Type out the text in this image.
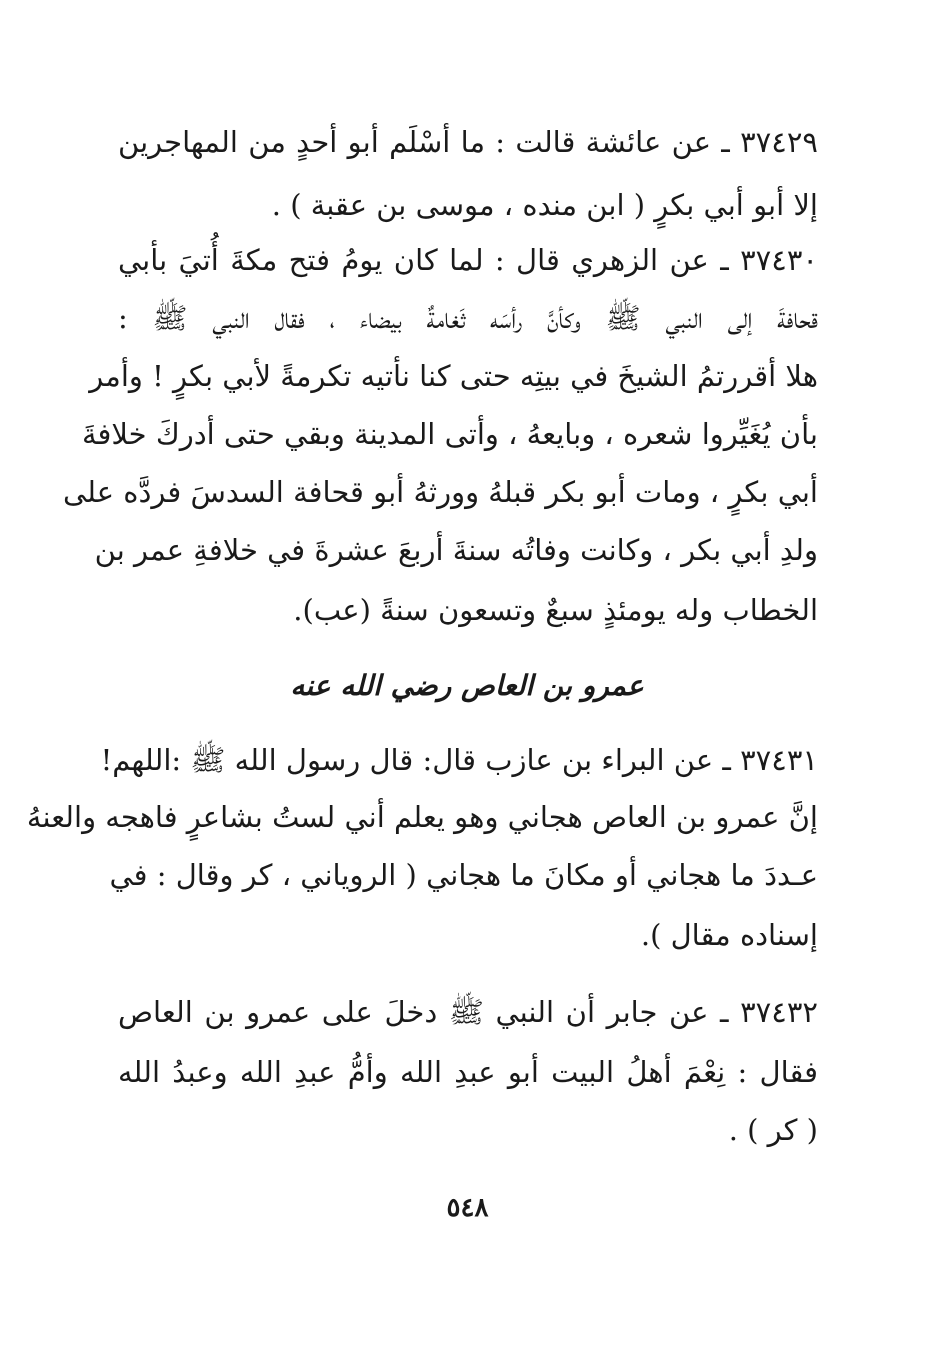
٣٧٤٢٩ ـ عن عائشة قالت : ما أسْلَم أبو أحدٍ من المهاجرين
إلا أبو أبي بكرٍ ( ابن منده ، موسى بن عقبة ) .
٣٧٤٣٠ ـ عن الزهري قال : لما كان يومُ فتح مكةَ أُتيَ بأبي
قحافةَ إلى النبي ﷺ وكأنَّ رأسَه ثَغامةٌ بيضاء ، فقال النبي ﷺ :
هلا أقررتمُ الشيخَ في بيتِه حتى كنا نأتيه تكرمةً لأبي بكرٍ ! وأمر
بأن يُغَيِّروا شعره ، وبايعهُ ، وأتى المدينة وبقي حتى أدركَ خلافةَ
أبي بكرٍ ، ومات أبو بكر قبلهُ وورثهُ أبو قحافة السدسَ فردَّه على
ولدِ أبي بكر ، وكانت وفاتُه سنةَ أربعَ عشرةَ في خلافةِ عمر بن
الخطاب وله يومئذٍ سبعٌ وتسعون سنةً (عب).
عمرو بن العاص رضي الله عنه
٣٧٤٣١ ـ عن البراء بن عازب قال: قال رسول الله ﷺ :اللهم!
إنَّ عمرو بن العاص هجاني وهو يعلم أني لستُ بشاعرٍ فاهجه والعنهُ
عـددَ ما هجاني أو مكانَ ما هجاني ( الروياني ، كر وقال : في
إسناده مقال ).
٣٧٤٣٢ ـ عن جابر أن النبي ﷺ دخلَ على عمرو بن العاص
فقال : نِعْمَ أهلُ البيت أبو عبدِ الله وأمُّ عبدِ الله وعبدُ الله
( كر ) .
٥٤٨
